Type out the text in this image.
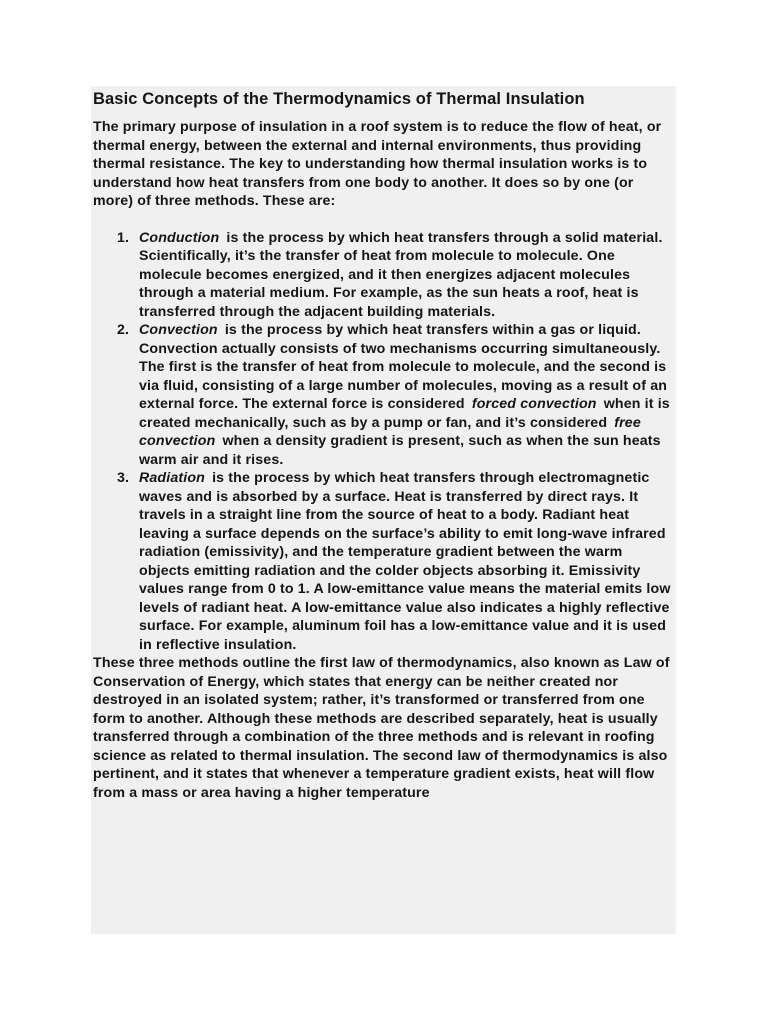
Basic Concepts of the Thermodynamics of Thermal Insulation

The primary purpose of insulation in a roof system is to reduce the flow of heat, or thermal energy, between the external and internal environments, thus providing thermal resistance. The key to understanding how thermal insulation works is to understand how heat transfers from one body to another. It does so by one (or more) of three methods. These are:

1. Conduction is the process by which heat transfers through a solid material. Scientifically, it’s the transfer of heat from molecule to molecule. One molecule becomes energized, and it then energizes adjacent molecules through a material medium. For example, as the sun heats a roof, heat is transferred through the adjacent building materials.
2. Convection is the process by which heat transfers within a gas or liquid. Convection actually consists of two mechanisms occurring simultaneously. The first is the transfer of heat from molecule to molecule, and the second is via fluid, consisting of a large number of molecules, moving as a result of an external force. The external force is considered forced convection when it is created mechanically, such as by a pump or fan, and it’s considered free convection when a density gradient is present, such as when the sun heats warm air and it rises.
3. Radiation is the process by which heat transfers through electromagnetic waves and is absorbed by a surface. Heat is transferred by direct rays. It travels in a straight line from the source of heat to a body. Radiant heat leaving a surface depends on the surface’s ability to emit long-wave infrared radiation (emissivity), and the temperature gradient between the warm objects emitting radiation and the colder objects absorbing it. Emissivity values range from 0 to 1. A low-emittance value means the material emits low levels of radiant heat. A low-emittance value also indicates a highly reflective surface. For example, aluminum foil has a low-emittance value and it is used in reflective insulation.

These three methods outline the first law of thermodynamics, also known as Law of Conservation of Energy, which states that energy can be neither created nor destroyed in an isolated system; rather, it’s transformed or transferred from one form to another. Although these methods are described separately, heat is usually transferred through a combination of the three methods and is relevant in roofing science as related to thermal insulation. The second law of thermodynamics is also pertinent, and it states that whenever a temperature gradient exists, heat will flow from a mass or area having a higher temperature
